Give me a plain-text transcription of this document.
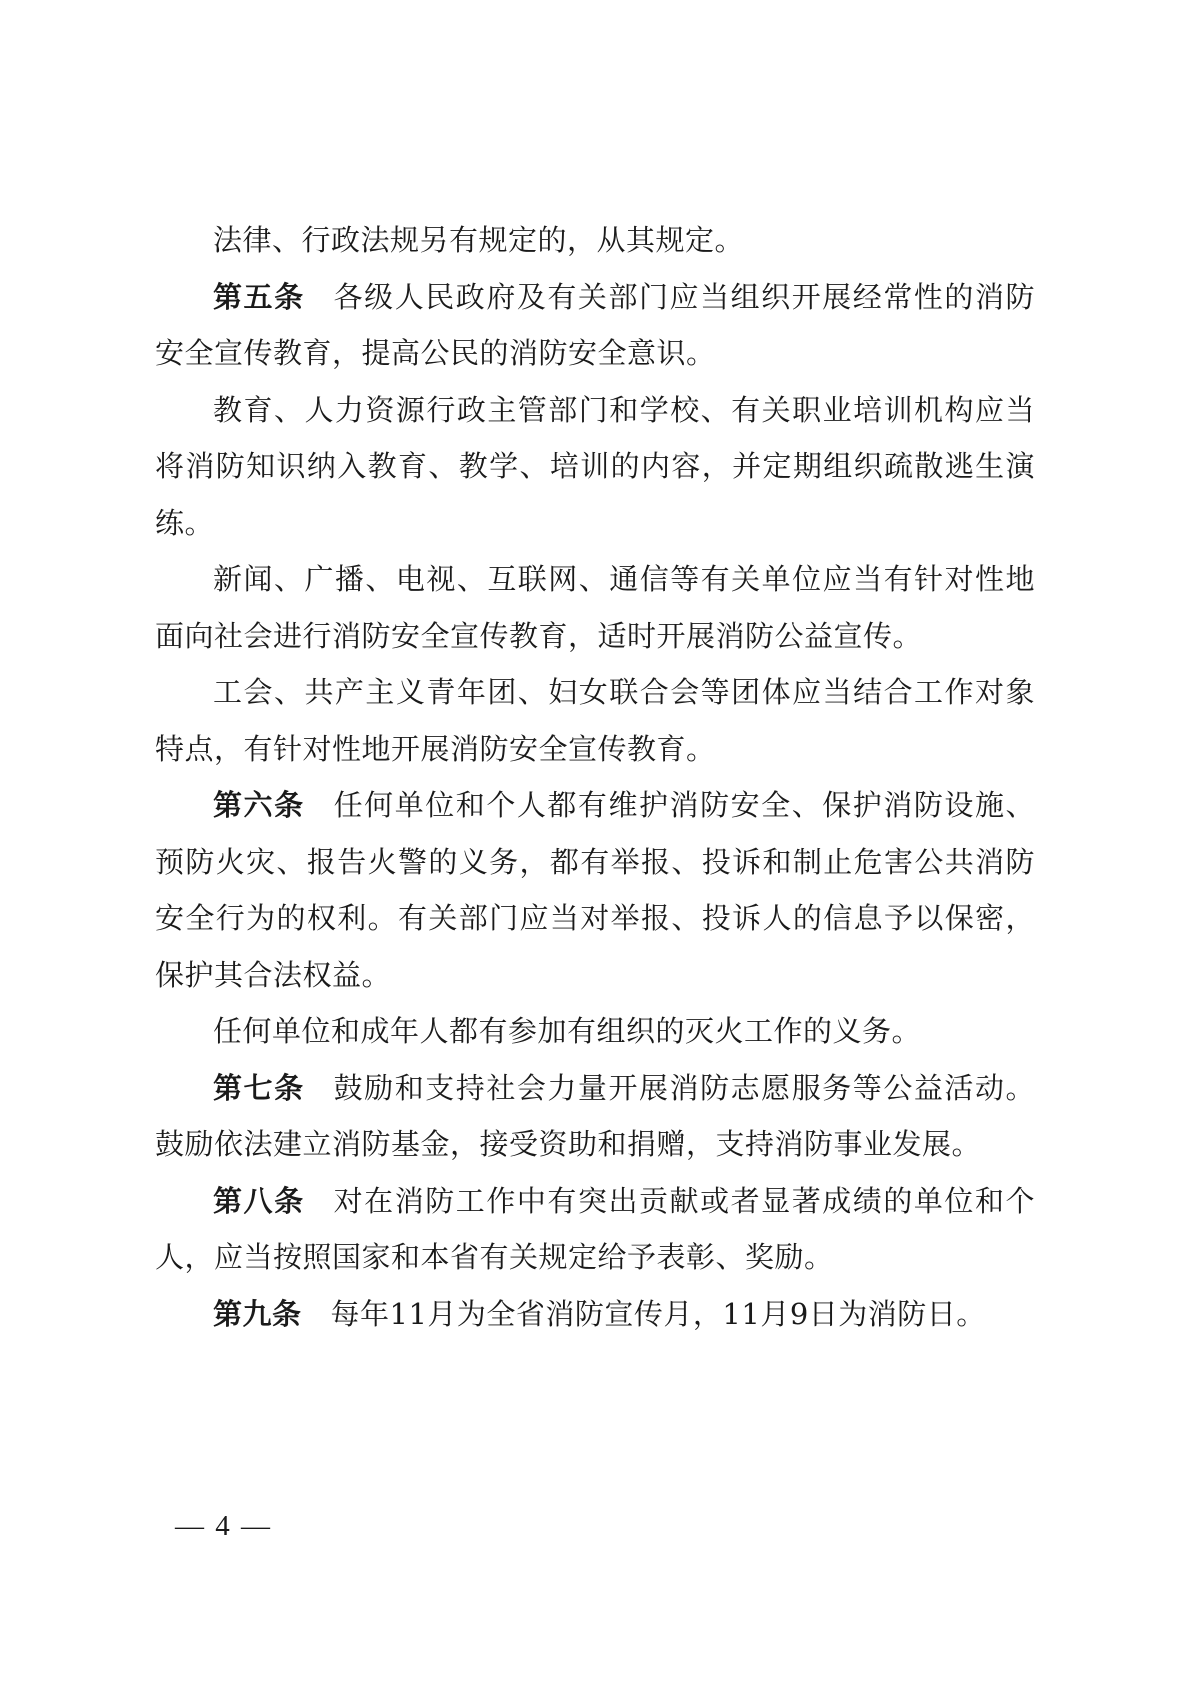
法律、行政法规另有规定的，从其规定。

第五条 各级人民政府及有关部门应当组织开展经常性的消防安全宣传教育，提高公民的消防安全意识。

教育、人力资源行政主管部门和学校、有关职业培训机构应当将消防知识纳入教育、教学、培训的内容，并定期组织疏散逃生演练。

新闻、广播、电视、互联网、通信等有关单位应当有针对性地面向社会进行消防安全宣传教育，适时开展消防公益宣传。

工会、共产主义青年团、妇女联合会等团体应当结合工作对象特点，有针对性地开展消防安全宣传教育。

第六条 任何单位和个人都有维护消防安全、保护消防设施、预防火灾、报告火警的义务，都有举报、投诉和制止危害公共消防安全行为的权利。有关部门应当对举报、投诉人的信息予以保密，保护其合法权益。

任何单位和成年人都有参加有组织的灭火工作的义务。

第七条 鼓励和支持社会力量开展消防志愿服务等公益活动。鼓励依法建立消防基金，接受资助和捐赠，支持消防事业发展。

第八条 对在消防工作中有突出贡献或者显著成绩的单位和个人，应当按照国家和本省有关规定给予表彰、奖励。

第九条 每年11月为全省消防宣传月，11月9日为消防日。

— 4 —
